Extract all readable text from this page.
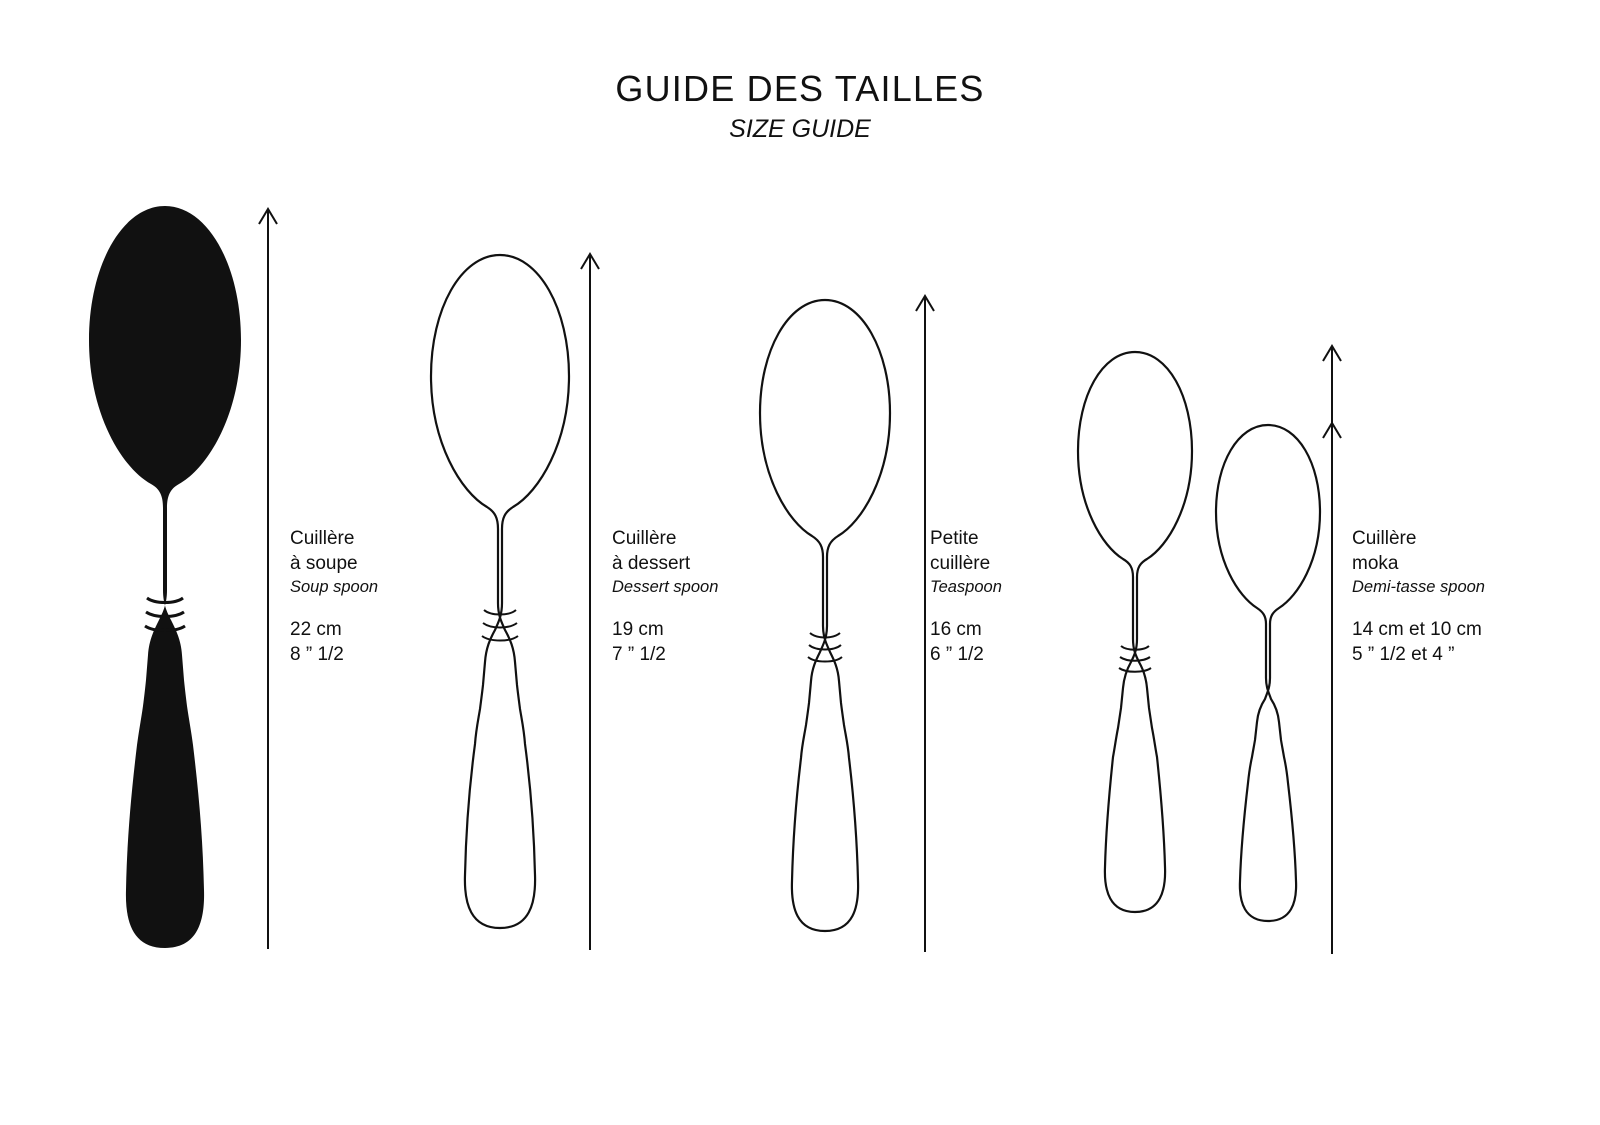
GUIDE DES TAILLES
SIZE GUIDE
Cuillère
à soupe
Soup spoon
22 cm
8 ” 1/2
Cuillère
à dessert
Dessert spoon
19 cm
7 ” 1/2
Petite
cuillère
Teaspoon
16 cm
6 ” 1/2
Cuillère
moka
Demi-tasse spoon
14 cm et 10 cm
5 ” 1/2 et 4 ”
